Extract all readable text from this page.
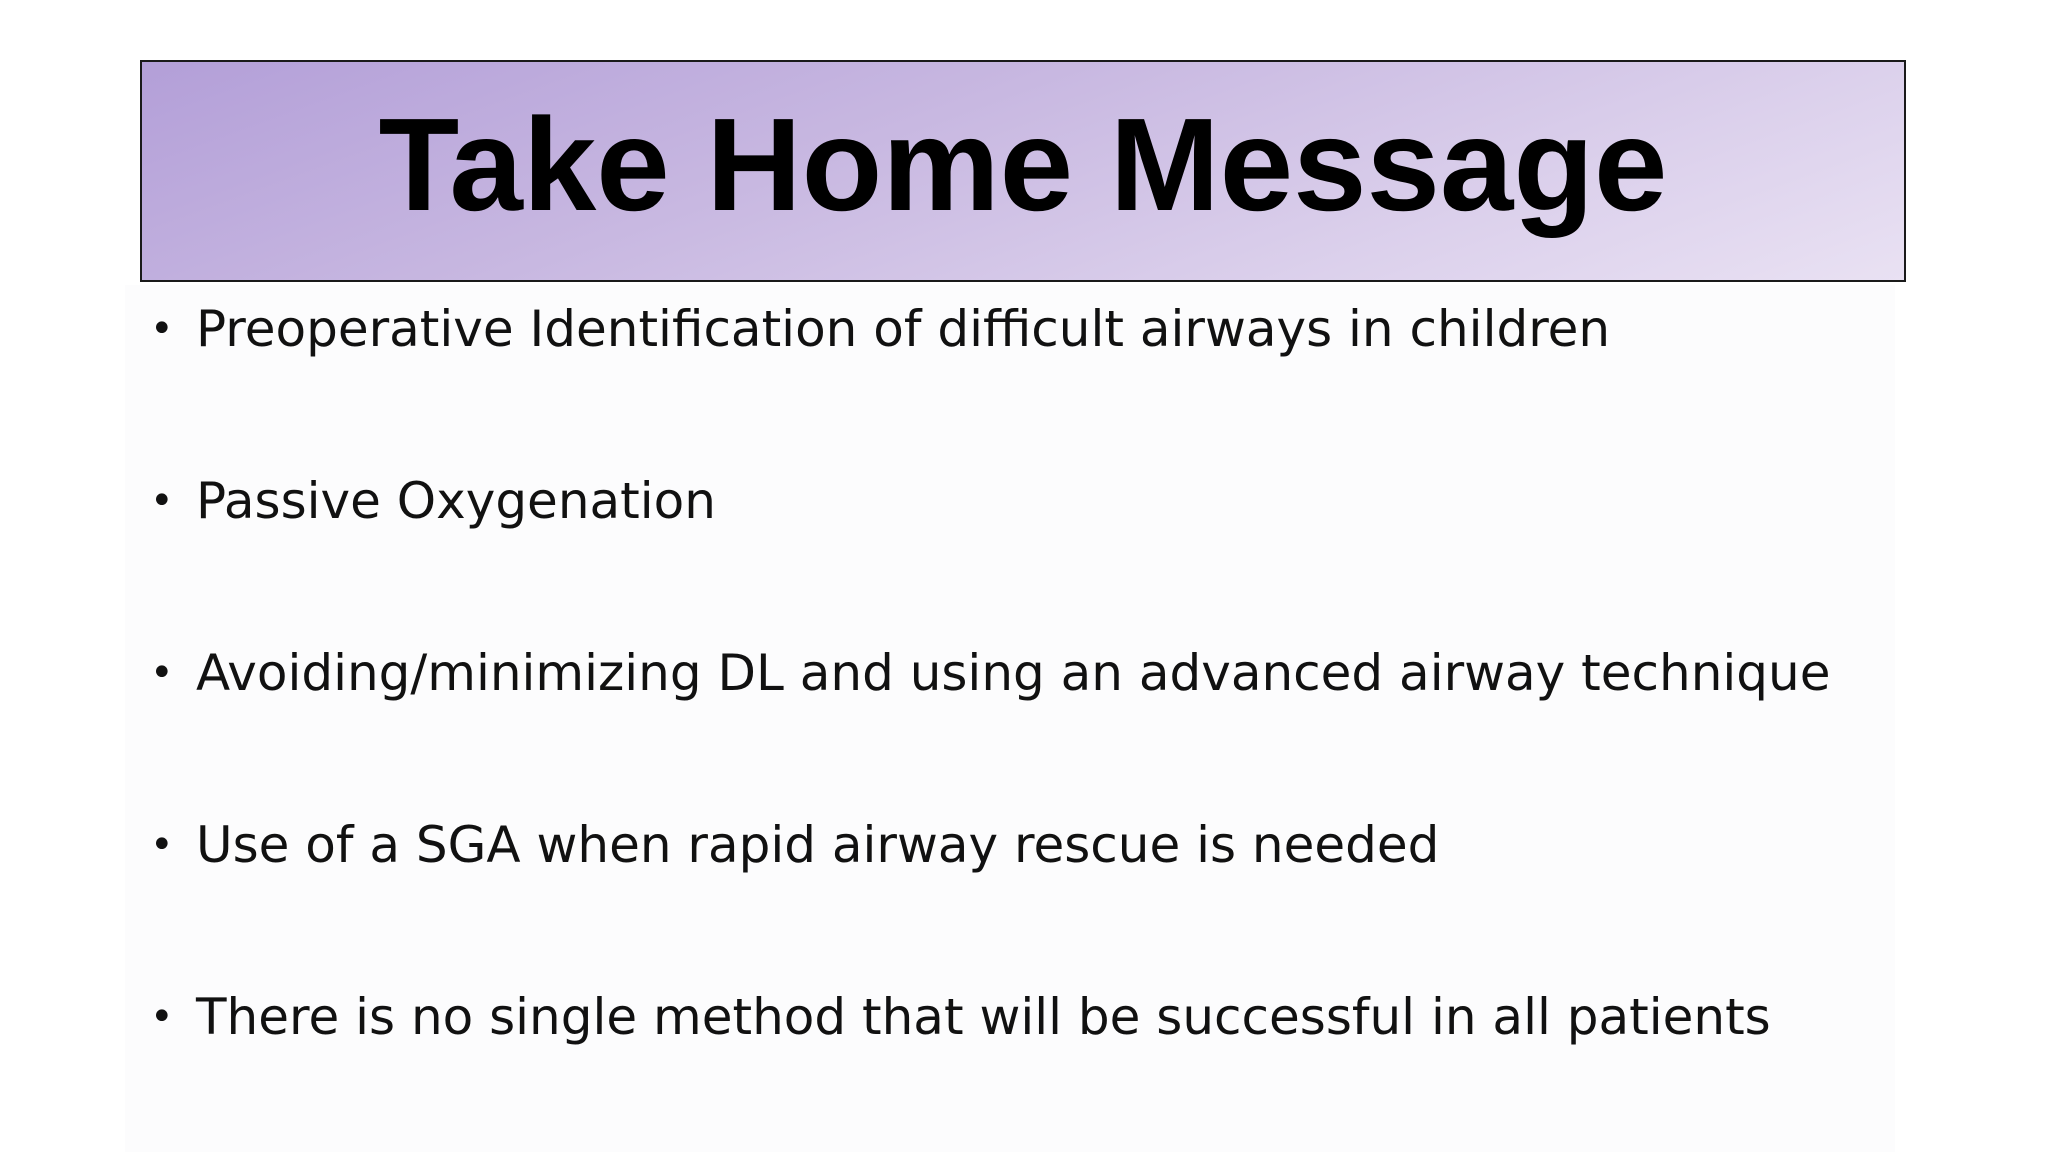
Take Home Message
• Preoperative Identification of difficult airways in children
• Passive Oxygenation
• Avoiding/minimizing DL and using an advanced airway technique
• Use of a SGA when rapid airway rescue is needed
• There is no single method that will be successful in all patients
